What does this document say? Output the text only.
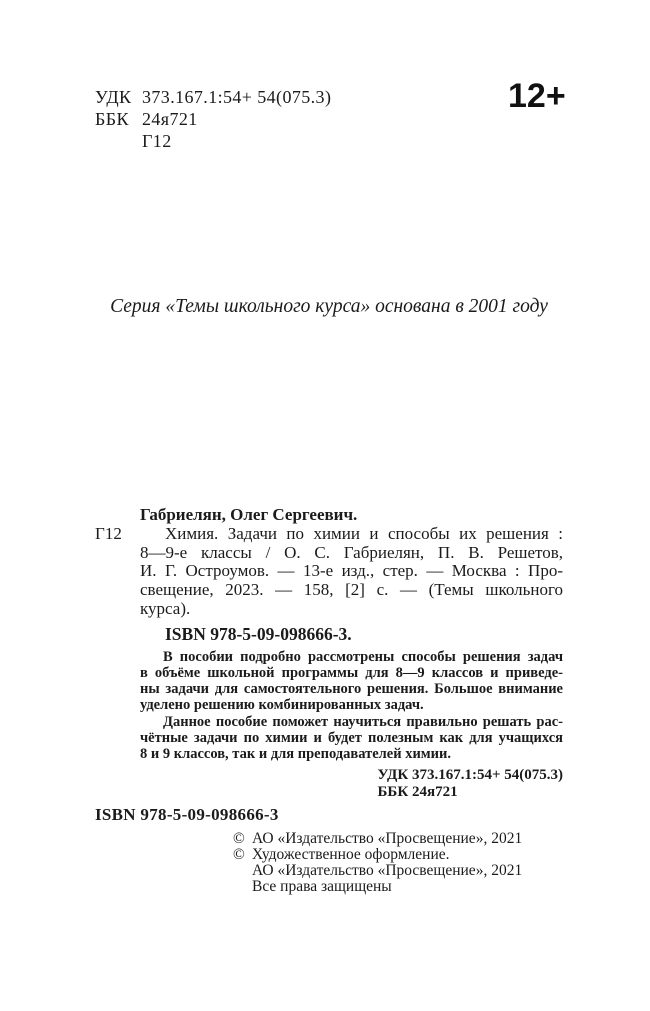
УДК 373.167.1:54+ 54(075.3)
ББК 24я721
Г12
12+
Серия «Темы школьного курса» основана в 2001 году
Габриелян, Олег Сергеевич.
Г12	Химия. Задачи по химии и способы их решения :
8—9-е классы / О. С. Габриелян, П. В. Решетов,
И. Г. Остроумов. — 13-е изд., стер. — Москва : Про-
свещение, 2023. — 158, [2] с. — (Темы школьного
курса).
ISBN 978-5-09-098666-3.
В пособии подробно рассмотрены способы решения задач
в объёме школьной программы для 8—9 классов и приведе-
ны задачи для самостоятельного решения. Большое внимание
уделено решению комбинированных задач.
Данное пособие поможет научиться правильно решать рас-
чётные задачи по химии и будет полезным как для учащихся
8 и 9 классов, так и для преподавателей химии.
УДК 373.167.1:54+ 54(075.3)
ББК 24я721
ISBN 978-5-09-098666-3
© АО «Издательство «Просвещение», 2021
© Художественное оформление.
АО «Издательство «Просвещение», 2021
Все права защищены
